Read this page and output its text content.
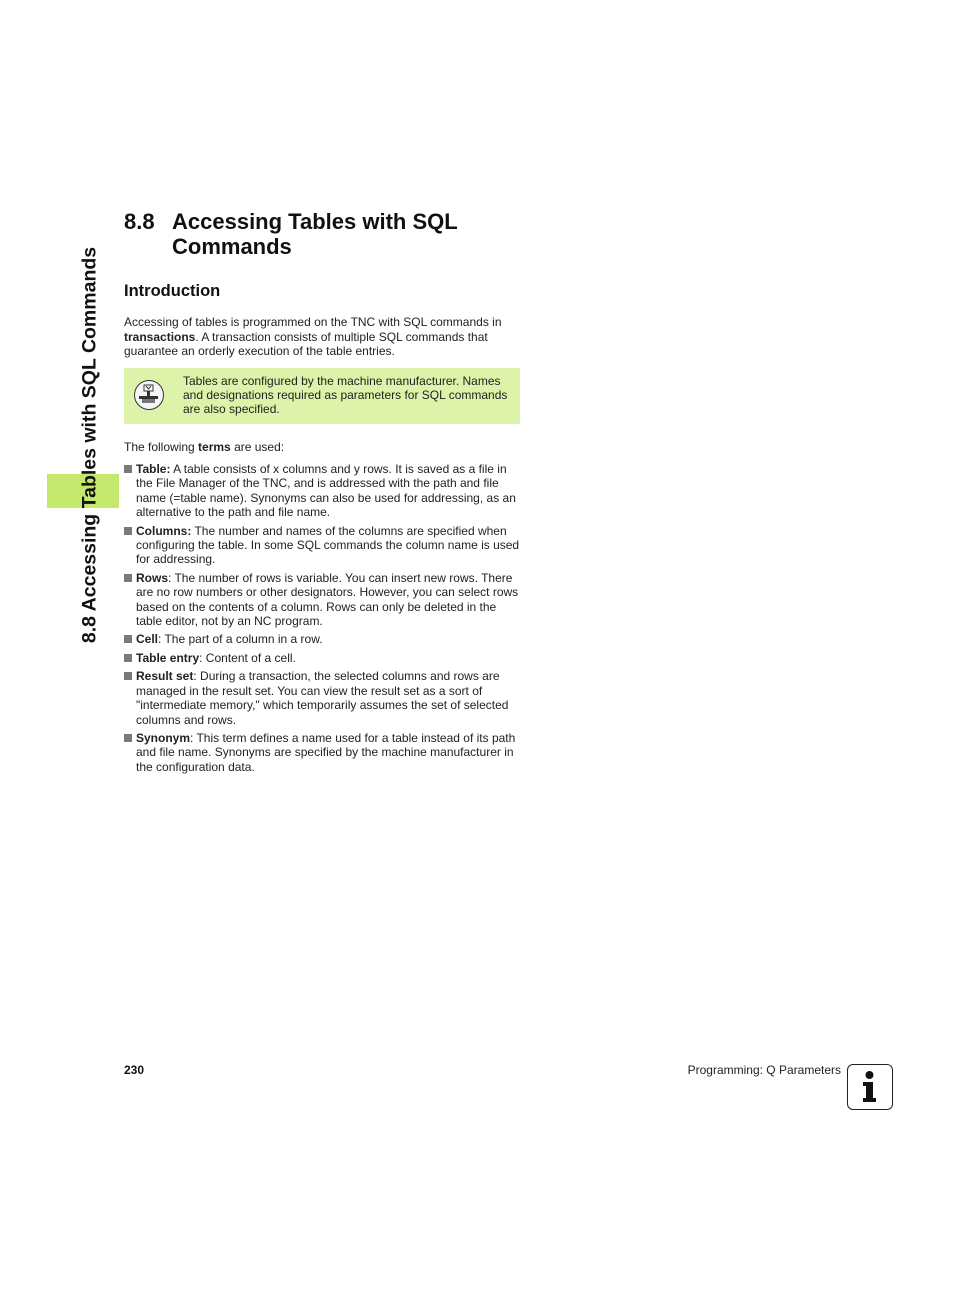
8.8 Accessing Tables with SQL Commands
8.8 Accessing Tables with SQL Commands
Introduction

Accessing of tables is programmed on the TNC with SQL commands in transactions. A transaction consists of multiple SQL commands that guarantee an orderly execution of the table entries.

Tables are configured by the machine manufacturer. Names and designations required as parameters for SQL commands are also specified.

The following terms are used:

Table: A table consists of x columns and y rows. It is saved as a file in the File Manager of the TNC, and is addressed with the path and file name (=table name). Synonyms can also be used for addressing, as an alternative to the path and file name.
Columns: The number and names of the columns are specified when configuring the table. In some SQL commands the column name is used for addressing.
Rows: The number of rows is variable. You can insert new rows. There are no row numbers or other designators. However, you can select rows based on the contents of a column. Rows can only be deleted in the table editor, not by an NC program.
Cell: The part of a column in a row.
Table entry: Content of a cell.
Result set: During a transaction, the selected columns and rows are managed in the result set. You can view the result set as a sort of "intermediate memory," which temporarily assumes the set of selected columns and rows.
Synonym: This term defines a name used for a table instead of its path and file name. Synonyms are specified by the machine manufacturer in the configuration data.
230	Programming: Q Parameters
